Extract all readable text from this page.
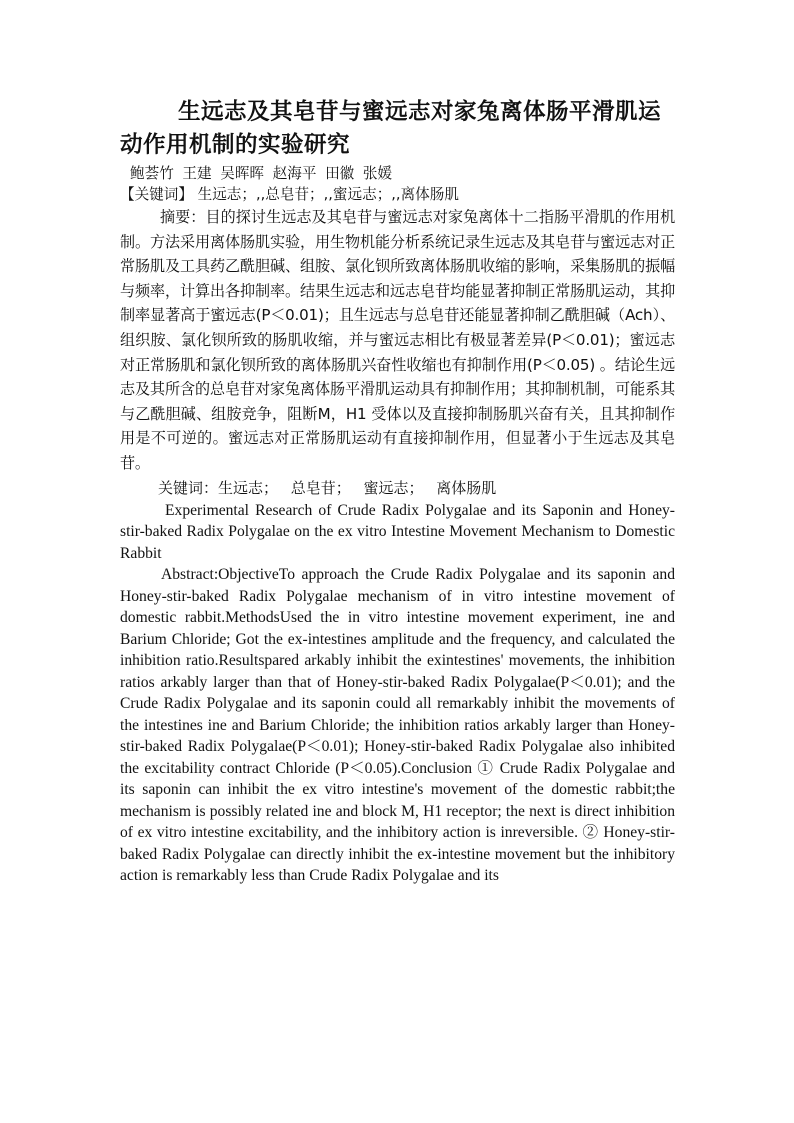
生远志及其皂苷与蜜远志对家兔离体肠平滑肌运动作用机制的实验研究

鲍荟竹 王建 吴晖晖 赵海平 田徽 张媛

【关键词】 生远志；,,总皂苷；,,蜜远志；,,离体肠肌

摘要：目的探讨生远志及其皂苷与蜜远志对家兔离体十二指肠平滑肌的作用机制。方法采用离体肠肌实验，用生物机能分析系统记录生远志及其皂苷与蜜远志对正常肠肌及工具药乙酰胆碱、组胺、氯化钡所致离体肠肌收缩的影响，采集肠肌的振幅与频率，计算出各抑制率。结果生远志和远志皂苷均能显著抑制正常肠肌运动，其抑制率显著高于蜜远志(P＜0.01)；且生远志与总皂苷还能显著抑制乙酰胆碱（Ach）、组织胺、氯化钡所致的肠肌收缩，并与蜜远志相比有极显著差异(P＜0.01)；蜜远志对正常肠肌和氯化钡所致的离体肠肌兴奋性收缩也有抑制作用(P＜0.05) 。结论生远志及其所含的总皂苷对家兔离体肠平滑肌运动具有抑制作用；其抑制机制，可能系其与乙酰胆碱、组胺竞争，阻断M，H1 受体以及直接抑制肠肌兴奋有关，且其抑制作用是不可逆的。蜜远志对正常肠肌运动有直接抑制作用，但显著小于生远志及其皂苷。

关键词：生远志； 总皂苷； 蜜远志； 离体肠肌

Experimental Research of Crude Radix Polygalae and its Saponin and Honey-stir-baked Radix Polygalae on the ex vitro Intestine Movement Mechanism to Domestic Rabbit

Abstract:ObjectiveTo approach the Crude Radix Polygalae and its saponin and Honey-stir-baked Radix Polygalae mechanism of in vitro intestine movement of domestic rabbit.MethodsUsed the in vitro intestine movement experiment, ine and Barium Chloride; Got the ex-intestines amplitude and the frequency, and calculated the inhibition ratio.Resultspared arkably inhibit the exintestines' movements, the inhibition ratios arkably larger than that of Honey-stir-baked Radix Polygalae(P＜0.01); and the Crude Radix Polygalae and its saponin could all remarkably inhibit the movements of the intestines ine and Barium Chloride; the inhibition ratios arkably larger than Honey-stir-baked Radix Polygalae(P＜0.01); Honey-stir-baked Radix Polygalae also inhibited the excitability contract Chloride (P＜0.05).Conclusion ① Crude Radix Polygalae and its saponin can inhibit the ex vitro intestine's movement of the domestic rabbit;the mechanism is possibly related ine and block M, H1 receptor; the next is direct inhibition of ex vitro intestine excitability, and the inhibitory action is inreversible. ② Honey-stir-baked Radix Polygalae can directly inhibit the ex-intestine movement but the inhibitory action is remarkably less than Crude Radix Polygalae and its
